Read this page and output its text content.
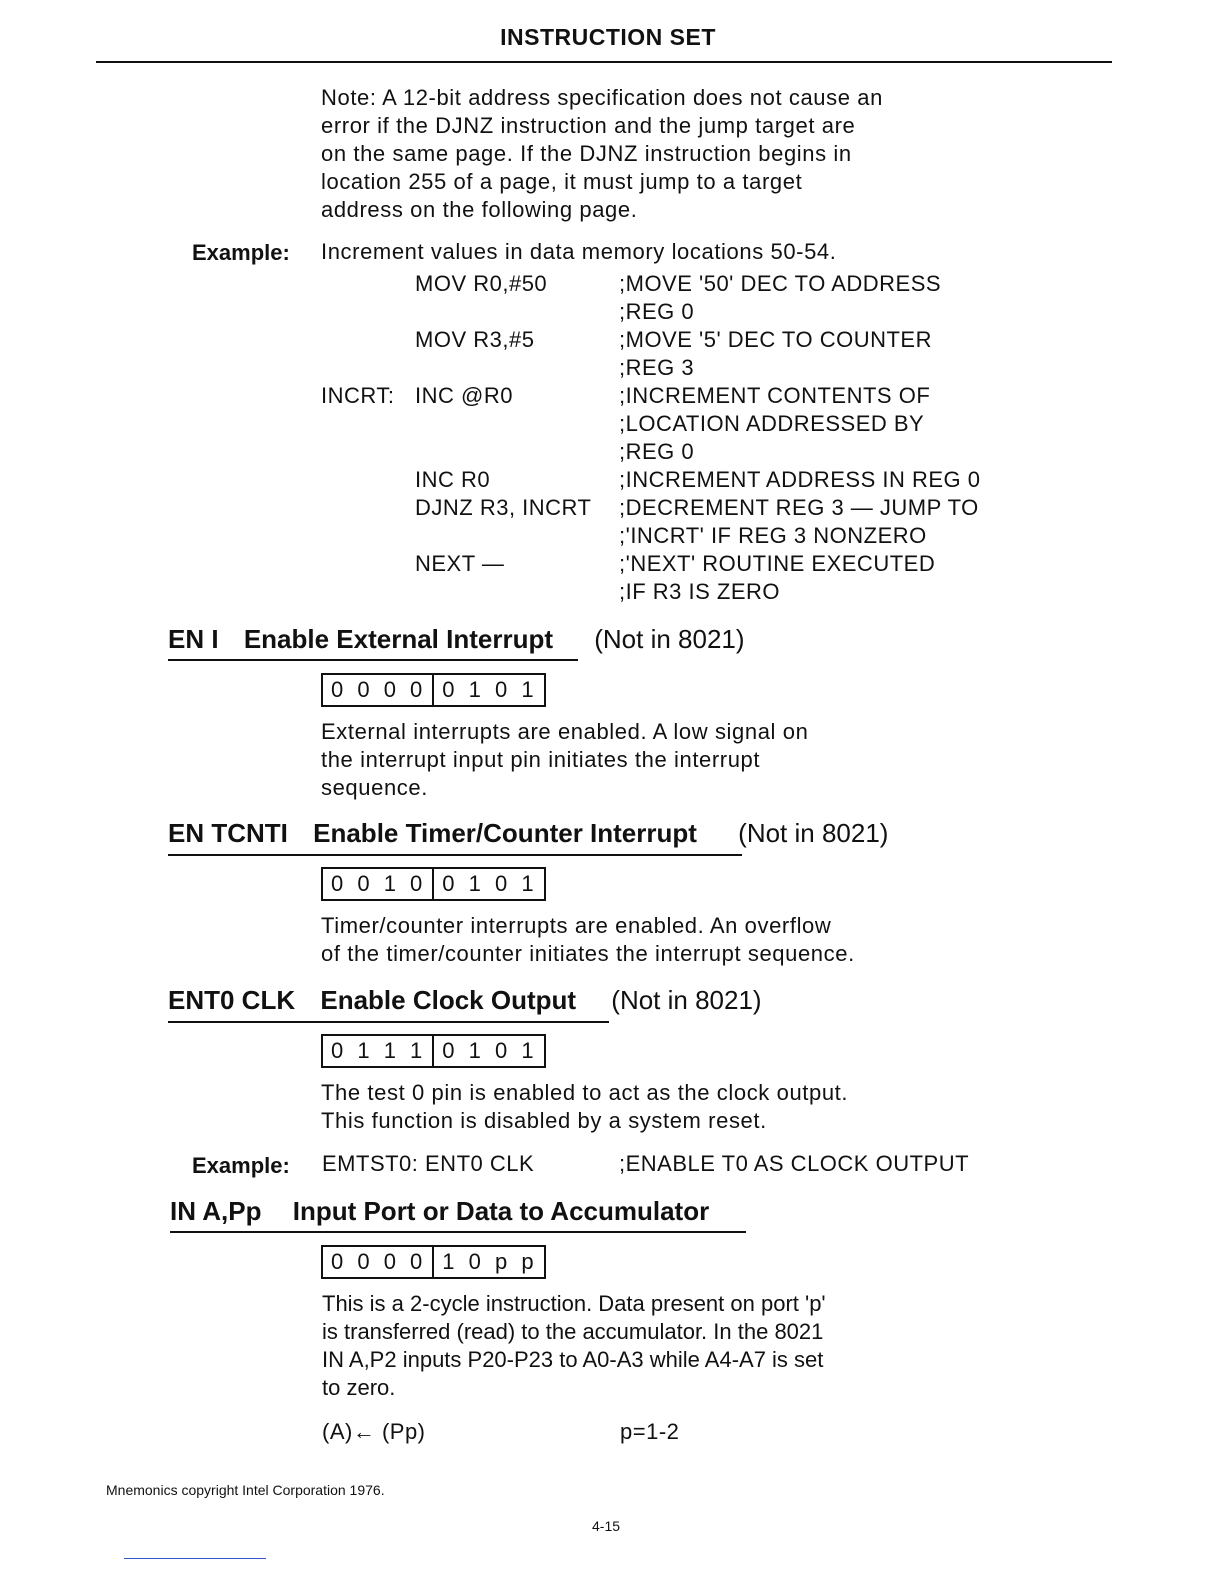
INSTRUCTION SET
Note: A 12-bit address specification does not cause an
error if the DJNZ instruction and the jump target are
on the same page. If the DJNZ instruction begins in
location 255 of a page, it must jump to a target
address on the following page.
Example: Increment values in data memory locations 50-54.
MOV R0,#50	;MOVE '50' DEC TO ADDRESS
;REG 0
MOV R3,#5	;MOVE '5' DEC TO COUNTER
;REG 3
INCRT: INC @R0	;INCREMENT CONTENTS OF
;LOCATION ADDRESSED BY
;REG 0
INC R0	;INCREMENT ADDRESS IN REG 0
DJNZ R3, INCRT ;DECREMENT REG 3 — JUMP TO
;'INCRT' IF REG 3 NONZERO
NEXT —	;'NEXT' ROUTINE EXECUTED
;IF R3 IS ZERO
EN I Enable External Interrupt (Not in 8021)
0 0 0 0 0 1 0 1
External interrupts are enabled. A low signal on
the interrupt input pin initiates the interrupt
sequence.
EN TCNTI Enable Timer/Counter Interrupt (Not in 8021)
0 0 1 0 0 1 0 1
Timer/counter interrupts are enabled. An overflow
of the timer/counter initiates the interrupt sequence.
ENT0 CLK Enable Clock Output (Not in 8021)
0 1 1 1 0 1 0 1
The test 0 pin is enabled to act as the clock output.
This function is disabled by a system reset.
Example: EMTST0: ENT0 CLK	;ENABLE T0 AS CLOCK OUTPUT
IN A,Pp Input Port or Data to Accumulator
0 0 0 0 1 0 p p
This is a 2-cycle instruction. Data present on port 'p'
is transferred (read) to the accumulator. In the 8021
IN A,P2 inputs P20-P23 to A0-A3 while A4-A7 is set
to zero.
(A)← (Pp)	p=1-2
Mnemonics copyright Intel Corporation 1976.
4-15
